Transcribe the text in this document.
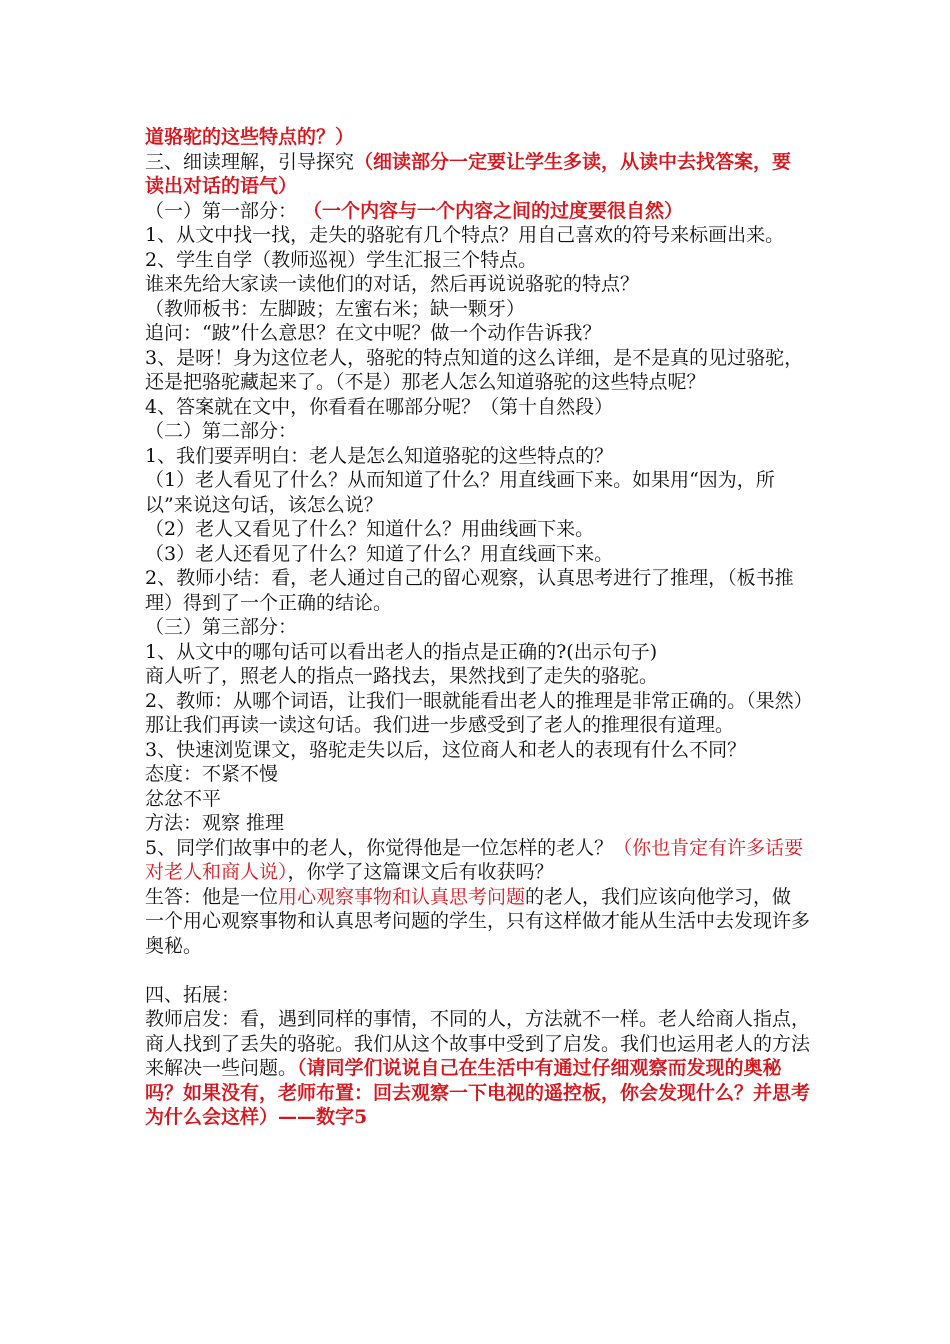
道骆驼的这些特点的？）
三、细读理解，引导探究（细读部分一定要让学生多读，从读中去找答案，要读出对话的语气）
（一）第一部分： （一个内容与一个内容之间的过度要很自然）
1、从文中找一找，走失的骆驼有几个特点？用自己喜欢的符号来标画出来。
2、学生自学（教师巡视）学生汇报三个特点。
谁来先给大家读一读他们的对话，然后再说说骆驼的特点？
（教师板书：左脚跛；左蜜右米；缺一颗牙）
追问：“跛”什么意思？在文中呢？做一个动作告诉我？
3、是呀！身为这位老人，骆驼的特点知道的这么详细，是不是真的见过骆驼，还是把骆驼藏起来了。（不是）那老人怎么知道骆驼的这些特点呢？
4、答案就在文中，你看看在哪部分呢？（第十自然段）
（二）第二部分：
1、我们要弄明白：老人是怎么知道骆驼的这些特点的？
（1）老人看见了什么？从而知道了什么？用直线画下来。如果用“因为，所以”来说这句话，该怎么说？
（2）老人又看见了什么？知道什么？用曲线画下来。
（3）老人还看见了什么？知道了什么？用直线画下来。
2、教师小结：看，老人通过自己的留心观察，认真思考进行了推理，（板书推理）得到了一个正确的结论。
（三）第三部分：
1、从文中的哪句话可以看出老人的指点是正确的?(出示句子)
商人听了，照老人的指点一路找去，果然找到了走失的骆驼。
2、教师：从哪个词语，让我们一眼就能看出老人的推理是非常正确的。（果然）那让我们再读一读这句话。我们进一步感受到了老人的推理很有道理。
3、快速浏览课文，骆驼走失以后，这位商人和老人的表现有什么不同？
态度：不紧不慢
忿忿不平
方法：观察 推理
5、同学们故事中的老人，你觉得他是一位怎样的老人？（你也肯定有许多话要对老人和商人说），你学了这篇课文后有收获吗？
生答：他是一位用心观察事物和认真思考问题的老人，我们应该向他学习，做一个用心观察事物和认真思考问题的学生，只有这样做才能从生活中去发现许多奥秘。
四、拓展：
教师启发：看，遇到同样的事情，不同的人，方法就不一样。老人给商人指点，商人找到了丢失的骆驼。我们从这个故事中受到了启发。我们也运用老人的方法来解决一些问题。（请同学们说说自己在生活中有通过仔细观察而发现的奥秘吗？如果没有，老师布置：回去观察一下电视的遥控板，你会发现什么？并思考为什么会这样）——数字5
